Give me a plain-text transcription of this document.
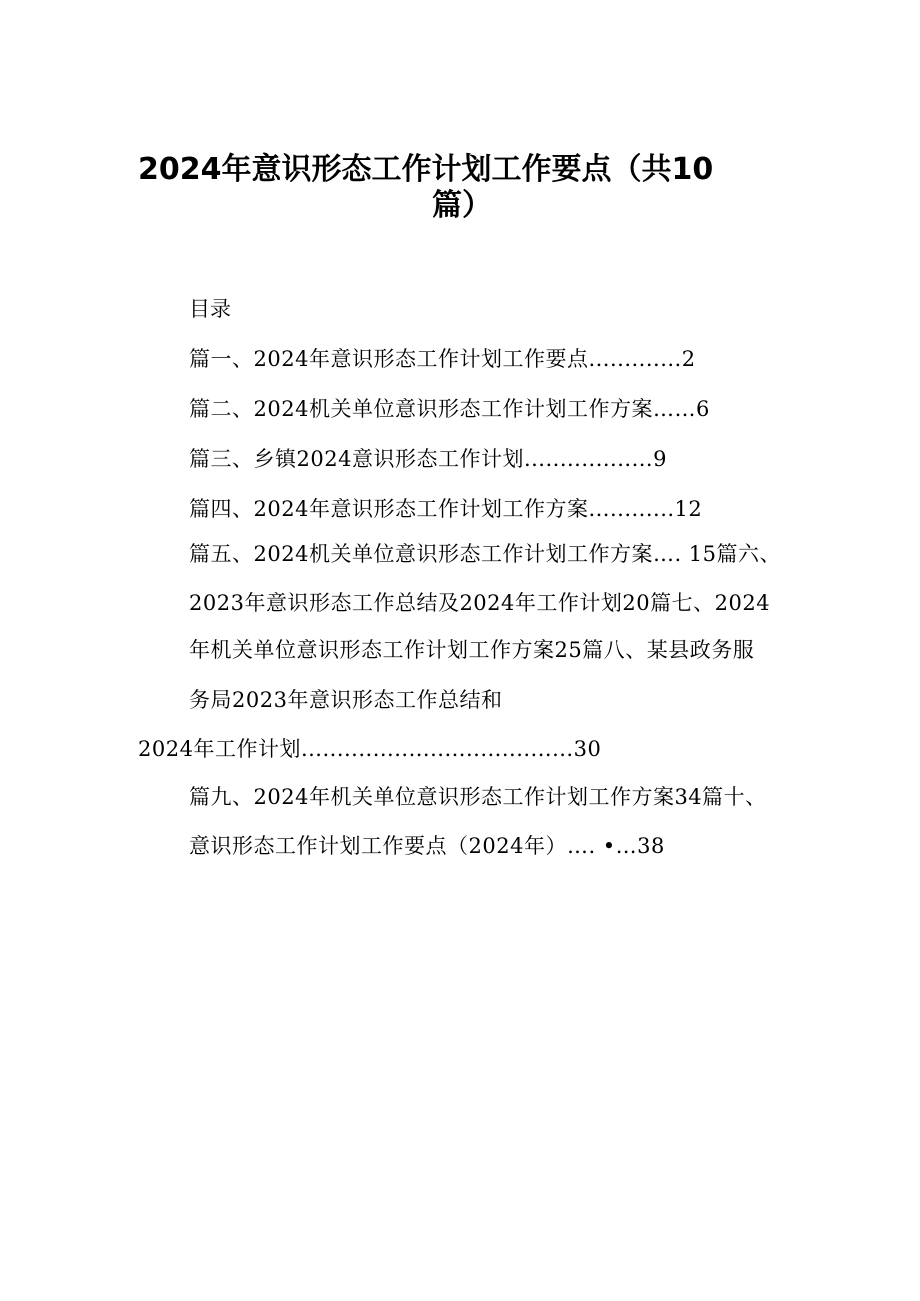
2024年意识形态工作计划工作要点（共10
篇）
目录
篇一、2024年意识形态工作计划工作要点.............2
篇二、2024机关单位意识形态工作计划工作方案……6
篇三、乡镇2024意识形态工作计划..................9
篇四、2024年意识形态工作计划工作方案............12
篇五、2024机关单位意识形态工作计划工作方案…. 15篇六、
2023年意识形态工作总结及2024年工作计划20篇七、2024
年机关单位意识形态工作计划工作方案25篇八、某县政务服
务局2023年意识形态工作总结和
2024年工作计划......................................30
篇九、2024年机关单位意识形态工作计划工作方案34篇十、
意识形态工作计划工作要点（2024年）…. •…38
